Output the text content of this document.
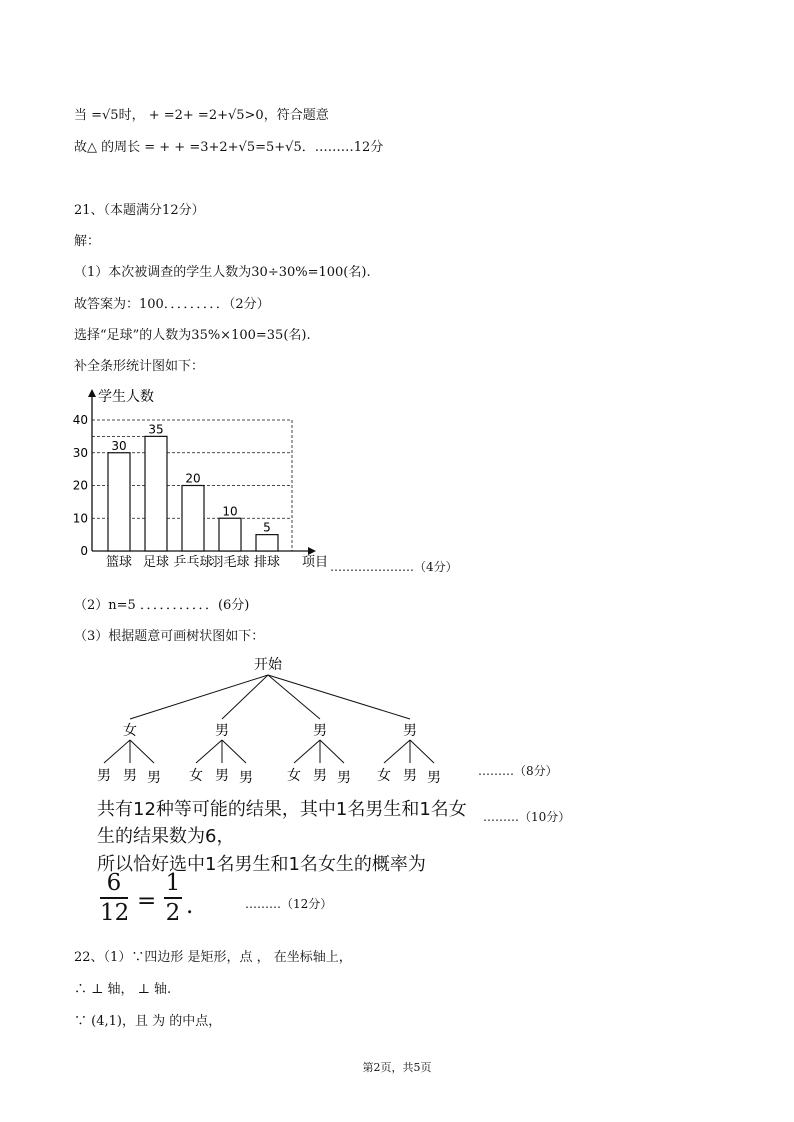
当 =√5时， + =2+ =2+√5>0，符合题意
故△ 的周长 = + + =3+2+√5=5+√5．………12分
21、（本题满分12分）
解：
（1）本次被调查的学生人数为30÷30%=100(名).
故答案为：100．．．．．．．．．（2分）
选择“足球”的人数为35%×100=35(名).
补全条形统计图如下：
学生人数
项目
0
10
20
30
40
30
篮球
35
足球
20
乒乓球
10
羽毛球
5
排球	…………………（4分）
（2）n=5 ．．．．．．．．．．．(6分)
（3）根据题意可画树状图如下：
开始
女
男 男 男
男
女 男 男
男
女 男 男
男
女 男 男	………（8分）
………（10分）
共有12种等可能的结果，其中1名男生和1名女
生的结果数为6，
所以恰好选中1名男生和1名女生的概率为
6
12 =
1
2 .	………（12分）
22、（1）∵四边形 是矩形，点 ， 在坐标轴上，
∴ ⊥ 轴， ⊥ 轴.
∵ (4,1)，且 为 的中点，
第2页，共5页
